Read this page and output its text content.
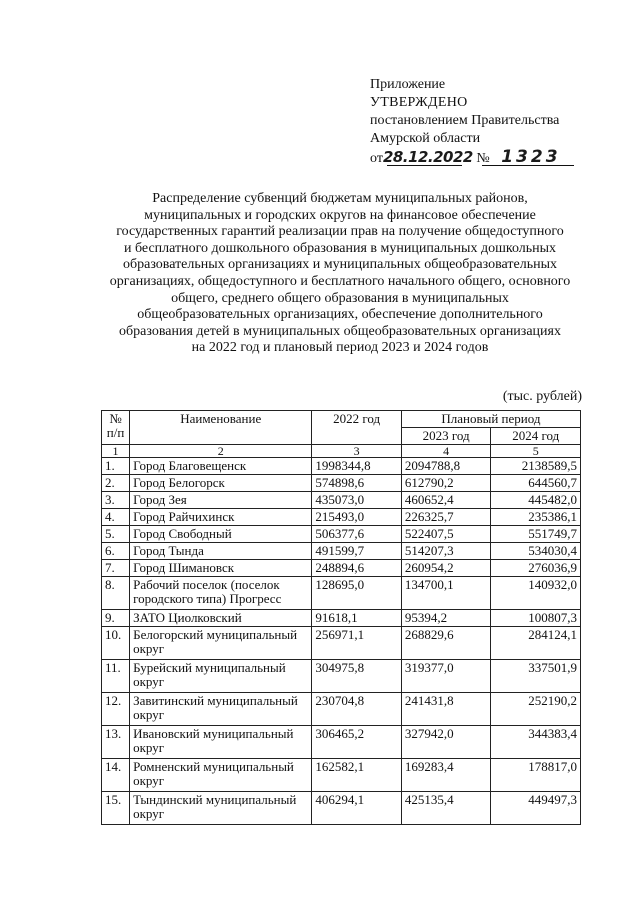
Приложение
УТВЕРЖДЕНО
постановлением Правительства
Амурской области
от28.12.2022 № 1323
Распределение субвенций бюджетам муниципальных районов,
муниципальных и городских округов на финансовое обеспечение
государственных гарантий реализации прав на получение общедоступного
и бесплатного дошкольного образования в муниципальных дошкольных
образовательных организациях и муниципальных общеобразовательных
организациях, общедоступного и бесплатного начального общего, основного
общего, среднего общего образования в муниципальных
общеобразовательных организациях, обеспечение дополнительного
образования детей в муниципальных общеобразовательных организациях
на 2022 год и плановый период 2023 и 2024 годов
(тыс. рублей)
№ п/п	Наименование	2022 год	Плановый период	
			2023 год	2024 год
1	2	3	4	5
1.	Город Благовещенск	1998344,8	2094788,8	2138589,5
2.	Город Белогорск	574898,6	612790,2	644560,7
3.	Город Зея	435073,0	460652,4	445482,0
4.	Город Райчихинск	215493,0	226325,7	235386,1
5.	Город Свободный	506377,6	522407,5	551749,7
6.	Город Тында	491599,7	514207,3	534030,4
7.	Город Шимановск	248894,6	260954,2	276036,9
8.	Рабочий поселок (поселок городского типа) Прогресс	128695,0	134700,1	140932,0
9.	ЗАТО Циолковский	91618,1	95394,2	100807,3
10.	Белогорский муниципальный округ	256971,1	268829,6	284124,1
11.	Бурейский муниципальный округ	304975,8	319377,0	337501,9
12.	Завитинский муниципальный округ	230704,8	241431,8	252190,2
13.	Ивановский муниципальный округ	306465,2	327942,0	344383,4
14.	Ромненский муниципальный округ	162582,1	169283,4	178817,0
15.	Тындинский муниципальный округ	406294,1	425135,4	449497,3
